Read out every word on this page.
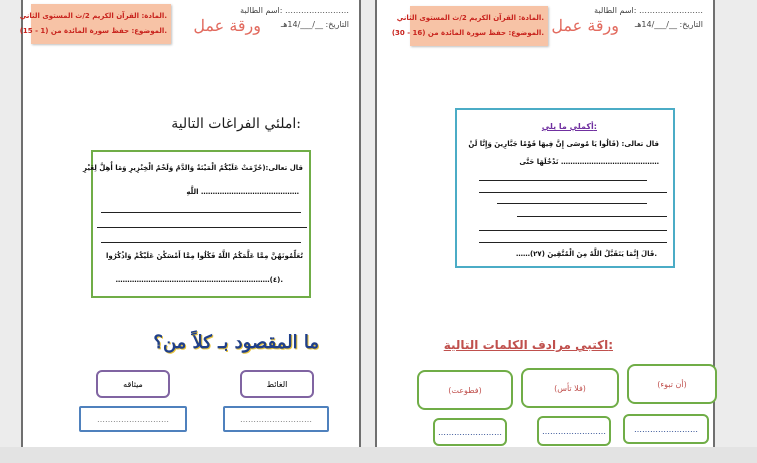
اسم الطالبة: ……………………
التاريخ: __/___/14هـ
ورقة عمل
المادة: القرآن الكريم 2/ث المستوى الثاني.
الموضوع: حفظ سورة المائدة من (1 - 15).
املئي الفراغات التالية:
قال تعالى:(حُرِّمَتْ عَلَيْكُمُ الْمَيْتَةُ وَالدَّمُ وَلَحْمُ الْخِنْزِيرِ وَمَا أُهِلَّ لِغَيْرِ
اللَّهِ ……………………………………
تُعَلِّمُونَهُنَّ مِمَّا عَلَّمَكُمُ اللَّهُ فَكُلُوا مِمَّا أَمْسَكْنَ عَلَيْكُمْ وَاذْكُرُوا
…………………………………………………………(٤).
ما المقصود بـ كلاً من؟
الغائط
ميثاقه
………………………
………………………
اسم الطالبة: ……………………
التاريخ: __/___/14هـ
ورقة عمل
المادة: القرآن الكريم 2/ث المستوى الثاني.
الموضوع: حفظ سورة المائدة من (16 - 30).
أكملي ما يلي:
قال تعالى: (قَالُوا يَا مُوسَى إِنَّ فِيهَا قَوْمًا جَبَّارِينَ وَإِنَّا لَنْ
نَدْخُلَهَا حَتَّى ……………………………………
……قَالَ إِنَّمَا يَتَقَبَّلُ اللَّهُ مِنَ الْمُتَّقِينَ (٢٧).
اكتبي مرادف الكلمات التالية:
(أن تبوء)
(فلا تأس)
(فطوعت)
……………………
……………………
……………………
